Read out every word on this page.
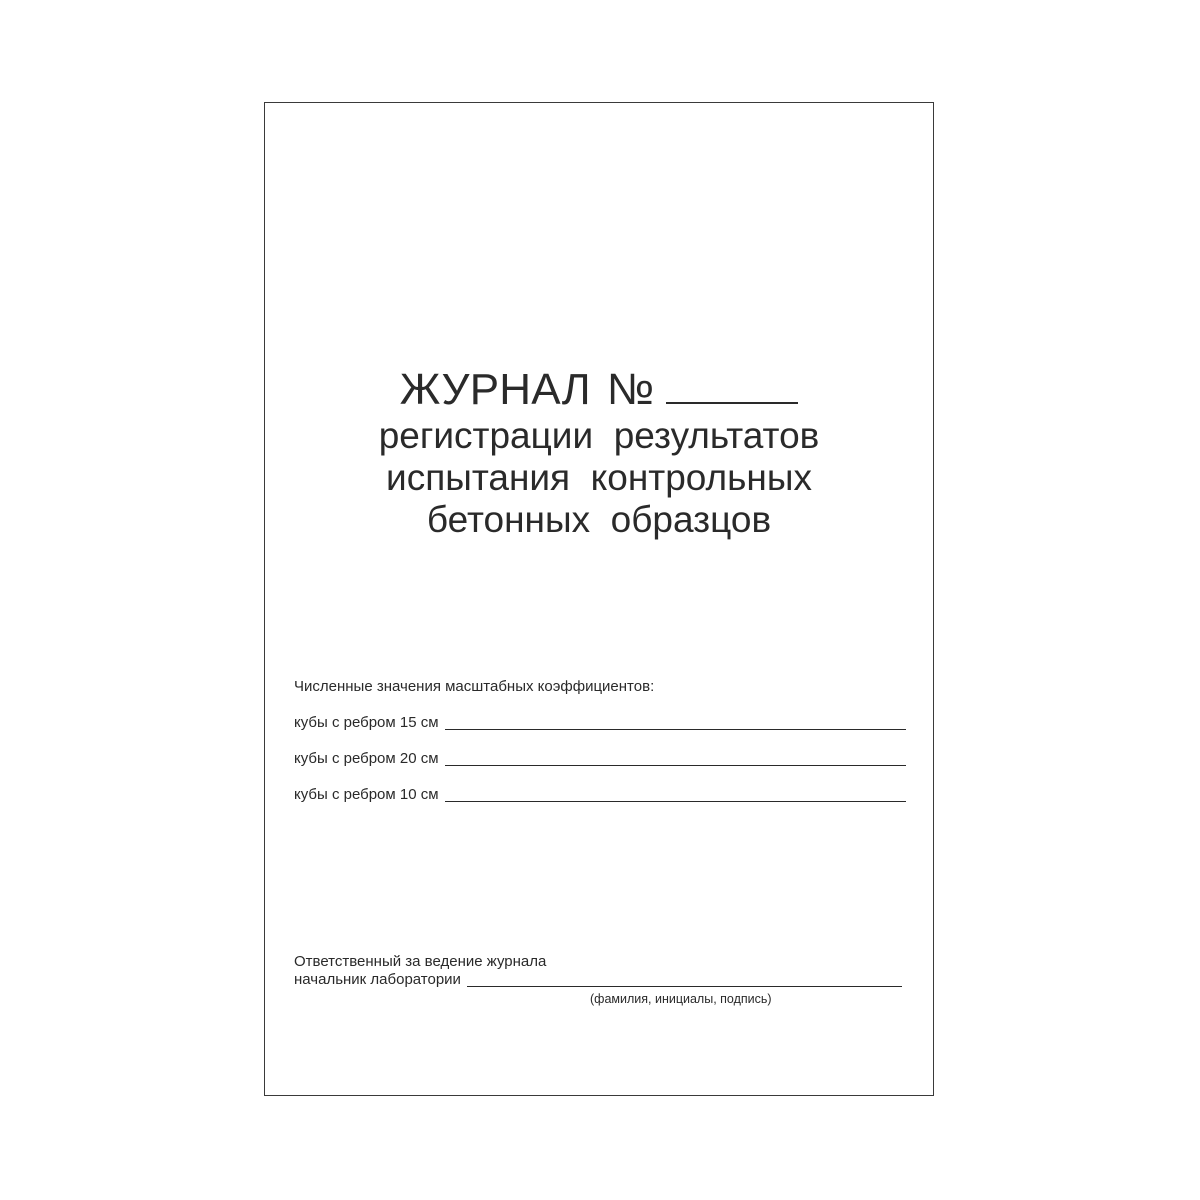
ЖУРНАЛ №
регистрации  результатов
испытания  контрольных
бетонных  образцов
Численные значения масштабных коэффициентов:
кубы с ребром 15 см
кубы с ребром 20 см
кубы с ребром 10 см
Ответственный за ведение журнала
начальник лаборатории
(фамилия, инициалы, подпись)
